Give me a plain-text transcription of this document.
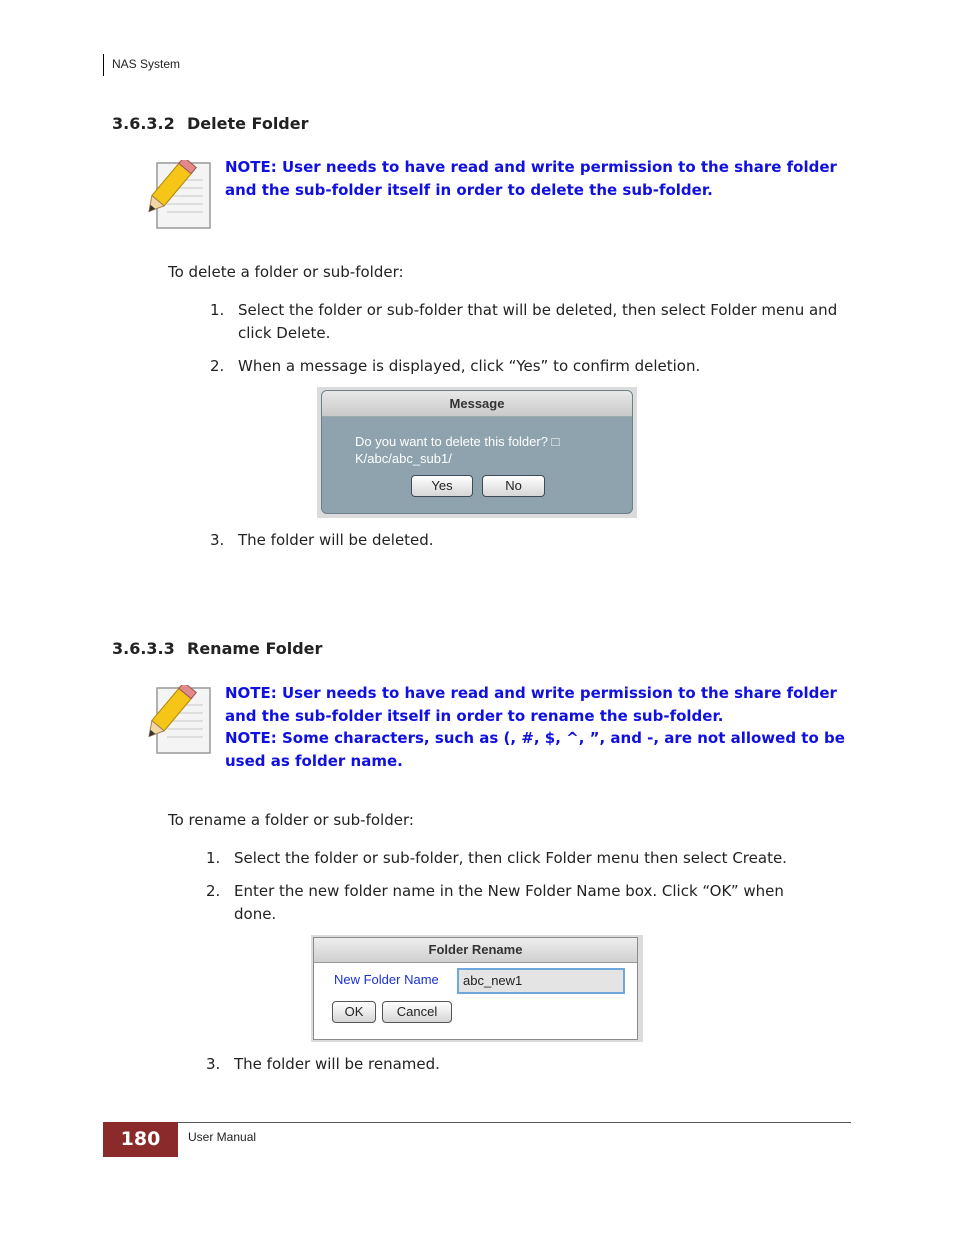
NAS System
3.6.3.2 Delete Folder
NOTE: User needs to have read and write permission to the share folder and the sub-folder itself in order to delete the sub-folder.
To delete a folder or sub-folder:
1. Select the folder or sub-folder that will be deleted, then select Folder menu and click Delete.
2. When a message is displayed, click “Yes” to confirm deletion.
Message
Do you want to delete this folder? □
K/abc/abc_sub1/
Yes	No
3. The folder will be deleted.
3.6.3.3 Rename Folder
NOTE: User needs to have read and write permission to the share folder and the sub-folder itself in order to rename the sub-folder.
NOTE: Some characters, such as (, #, $, ^, ”, and -, are not allowed to be used as folder name.
To rename a folder or sub-folder:
1. Select the folder or sub-folder, then click Folder menu then select Create.
2. Enter the new folder name in the New Folder Name box. Click “OK” when done.
Folder Rename
New Folder Name	abc_new1
OK	Cancel
3. The folder will be renamed.
180	User Manual
